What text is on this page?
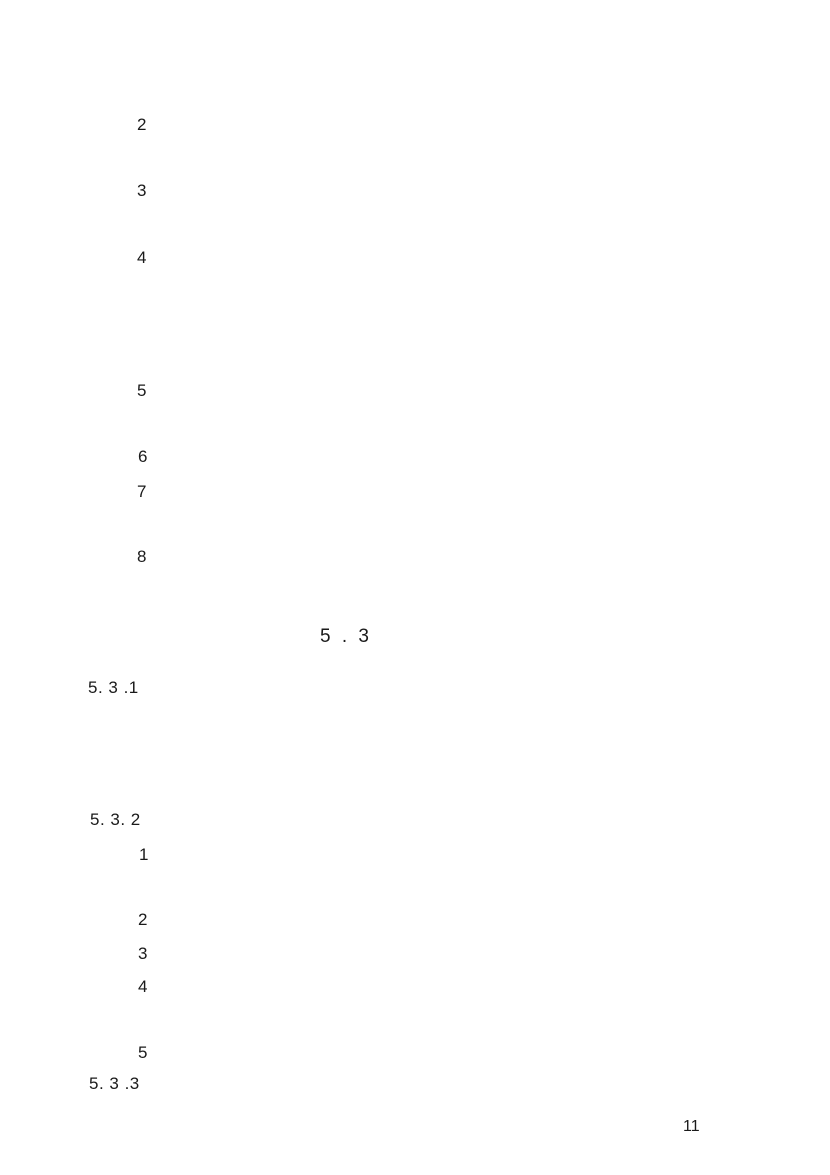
2
3
4
5
6
7
8
5 . 3
5. 3 .1
5. 3. 2
1
2
3
4
5
5. 3 .3
11
